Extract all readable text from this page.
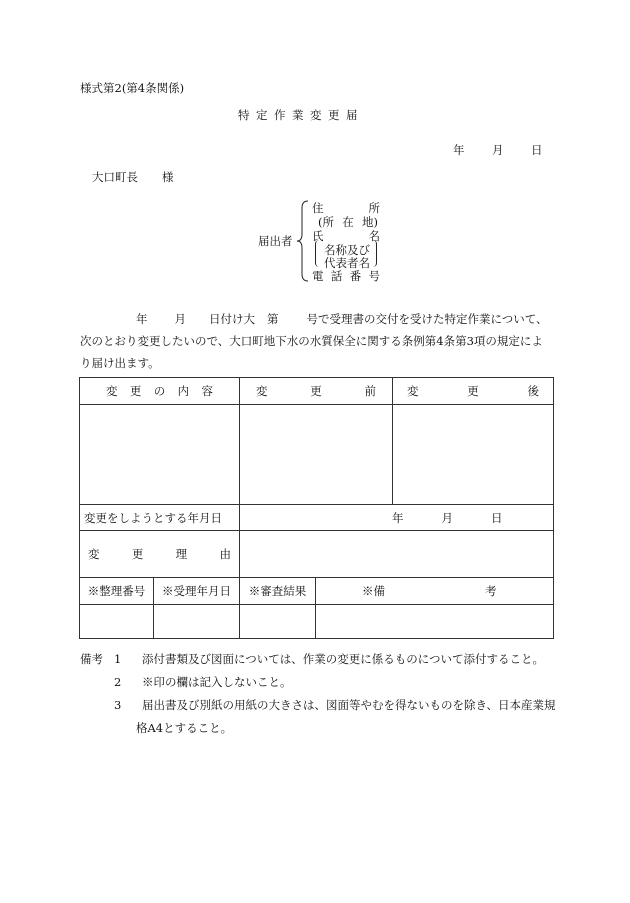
様式第2(第4条関係)
特定作業変更届
年 月 日
大口町長 様
届出者
住	所
(所 在 地)
氏	名
名称及び
代表者名
電 話 番 号
年 月 日付け大 第 号で受理書の交付を受けた特定作業について、
次のとおり変更したいので、大口町地下水の水質保全に関する条例第4条第3項の規定によ
り届け出ます。
変 更 の 内 容		変 更 前		変 更 後

変更をしようとする年月日		年 月 日		

変 更 理 由				

※整理番号	※受理年月日	※審査結果	※備 考	

備考 1	添付書類及び図面については、作業の変更に係るものについて添付すること。
2	※印の欄は記入しないこと。
3	届出書及び別紙の用紙の大きさは、図面等やむを得ないものを除き、日本産業規
格A4とすること。
